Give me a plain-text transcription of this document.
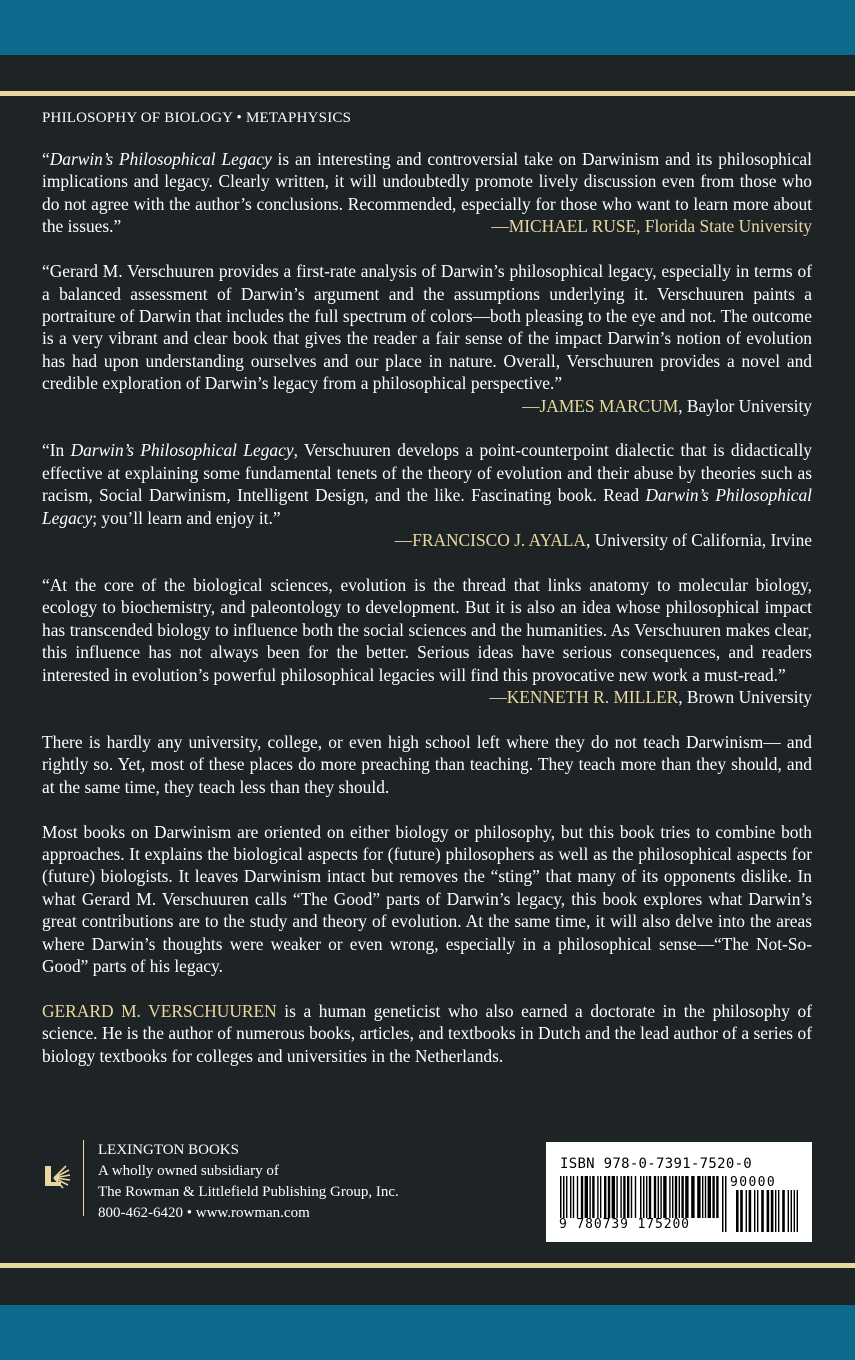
PHILOSOPHY OF BIOLOGY • METAPHYSICS

“Darwin’s Philosophical Legacy is an interesting and controversial take on Darwinism and its philosophical implications and legacy. Clearly written, it will undoubtedly promote lively discussion even from those who do not agree with the author’s conclusions. Recommended, especially for those who want to learn more about the issues.”	—MICHAEL RUSE, Florida State University

“Gerard M. Verschuuren provides a first-rate analysis of Darwin’s philosophical legacy, especially in terms of a balanced assessment of Darwin’s argument and the assumptions underlying it. Verschuuren paints a portraiture of Darwin that includes the full spectrum of colors—both pleasing to the eye and not. The outcome is a very vibrant and clear book that gives the reader a fair sense of the impact Darwin’s notion of evolution has had upon understanding ourselves and our place in nature. Overall, Verschuuren provides a novel and credible exploration of Darwin’s legacy from a philosophical perspective.”
—JAMES MARCUM, Baylor University

“In Darwin’s Philosophical Legacy, Verschuuren develops a point-counterpoint dialectic that is didactically effective at explaining some fundamental tenets of the theory of evolution and their abuse by theories such as racism, Social Darwinism, Intelligent Design, and the like. Fascinating book. Read Darwin’s Philosophical Legacy; you’ll learn and enjoy it.”

—FRANCISCO J. AYALA, University of California, Irvine

“At the core of the biological sciences, evolution is the thread that links anatomy to molecular biology, ecology to biochemistry, and paleontology to development. But it is also an idea whose philosophical impact has transcended biology to influence both the social sciences and the humanities. As Verschuuren makes clear, this influence has not always been for the better. Serious ideas have serious consequences, and readers interested in evolution’s powerful philosophical legacies will find this provocative new work a must-read.”

—KENNETH R. MILLER, Brown University

There is hardly any university, college, or even high school left where they do not teach Darwinism— and rightly so. Yet, most of these places do more preaching than teaching. They teach more than they should, and at the same time, they teach less than they should.

Most books on Darwinism are oriented on either biology or philosophy, but this book tries to combine both approaches. It explains the biological aspects for (future) philosophers as well as the philosophical aspects for (future) biologists. It leaves Darwinism intact but removes the “sting” that many of its opponents dislike. In what Gerard M. Verschuuren calls “The Good” parts of Darwin’s legacy, this book explores what Darwin’s great contributions are to the study and theory of evolution. At the same time, it will also delve into the areas where Darwin’s thoughts were weaker or even wrong, especially in a philosophical sense—“The Not-So-Good” parts of his legacy.

GERARD M. VERSCHUUREN is a human geneticist who also earned a doctorate in the philosophy of science. He is the author of numerous books, articles, and textbooks in Dutch and the lead author of a series of biology textbooks for colleges and universities in the Netherlands.

LEXINGTON BOOKS
A wholly owned subsidiary of
The Rowman & Littlefield Publishing Group, Inc.
800-462-6420 • www.rowman.com
ISBN 978-0-7391-7520-0
90000
9 780739 175200
